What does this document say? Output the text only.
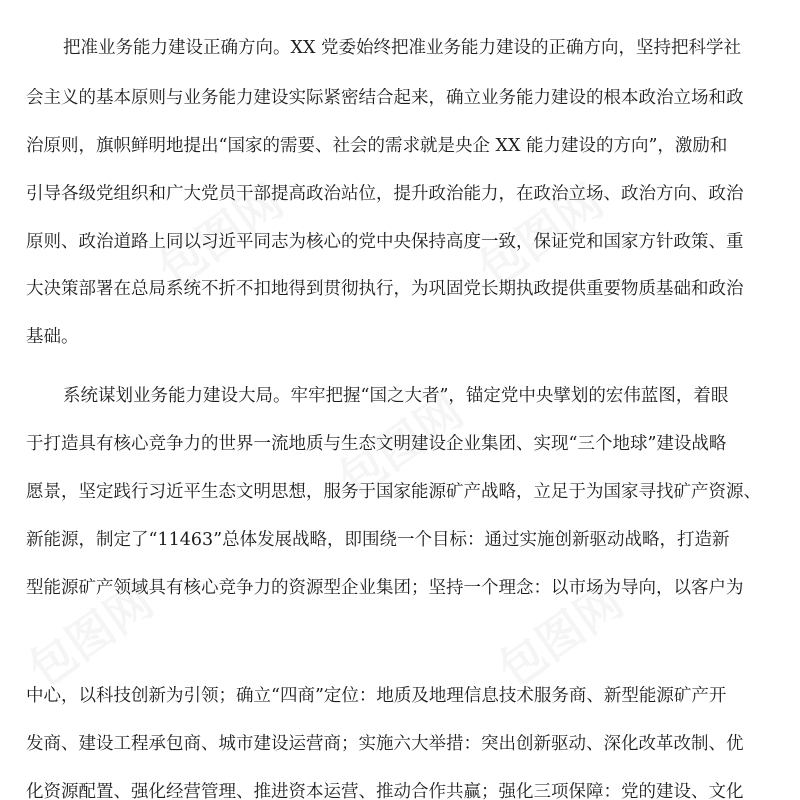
包图网	包图网
包图网
包图网	包图网
把准业务能力建设正确方向。XX 党委始终把准业务能力建设的正确方向，坚持把科学社
会主义的基本原则与业务能力建设实际紧密结合起来，确立业务能力建设的根本政治立场和政
治原则，旗帜鲜明地提出“国家的需要、社会的需求就是央企 XX 能力建设的方向”，激励和
引导各级党组织和广大党员干部提高政治站位，提升政治能力，在政治立场、政治方向、政治
原则、政治道路上同以习近平同志为核心的党中央保持高度一致，保证党和国家方针政策、重
大决策部署在总局系统不折不扣地得到贯彻执行，为巩固党长期执政提供重要物质基础和政治
基础。
系统谋划业务能力建设大局。牢牢把握“国之大者”，锚定党中央擘划的宏伟蓝图，着眼
于打造具有核心竞争力的世界一流地质与生态文明建设企业集团、实现“三个地球”建设战略
愿景，坚定践行习近平生态文明思想，服务于国家能源矿产战略，立足于为国家寻找矿产资源、
新能源，制定了“11463”总体发展战略，即围绕一个目标：通过实施创新驱动战略，打造新
型能源矿产领域具有核心竞争力的资源型企业集团；坚持一个理念：以市场为导向，以客户为
中心，以科技创新为引领；确立“四商”定位：地质及地理信息技术服务商、新型能源矿产开
发商、建设工程承包商、城市建设运营商；实施六大举措：突出创新驱动、深化改革改制、优
化资源配置、强化经营管理、推进资本运营、推动合作共赢；强化三项保障：党的建设、文化
